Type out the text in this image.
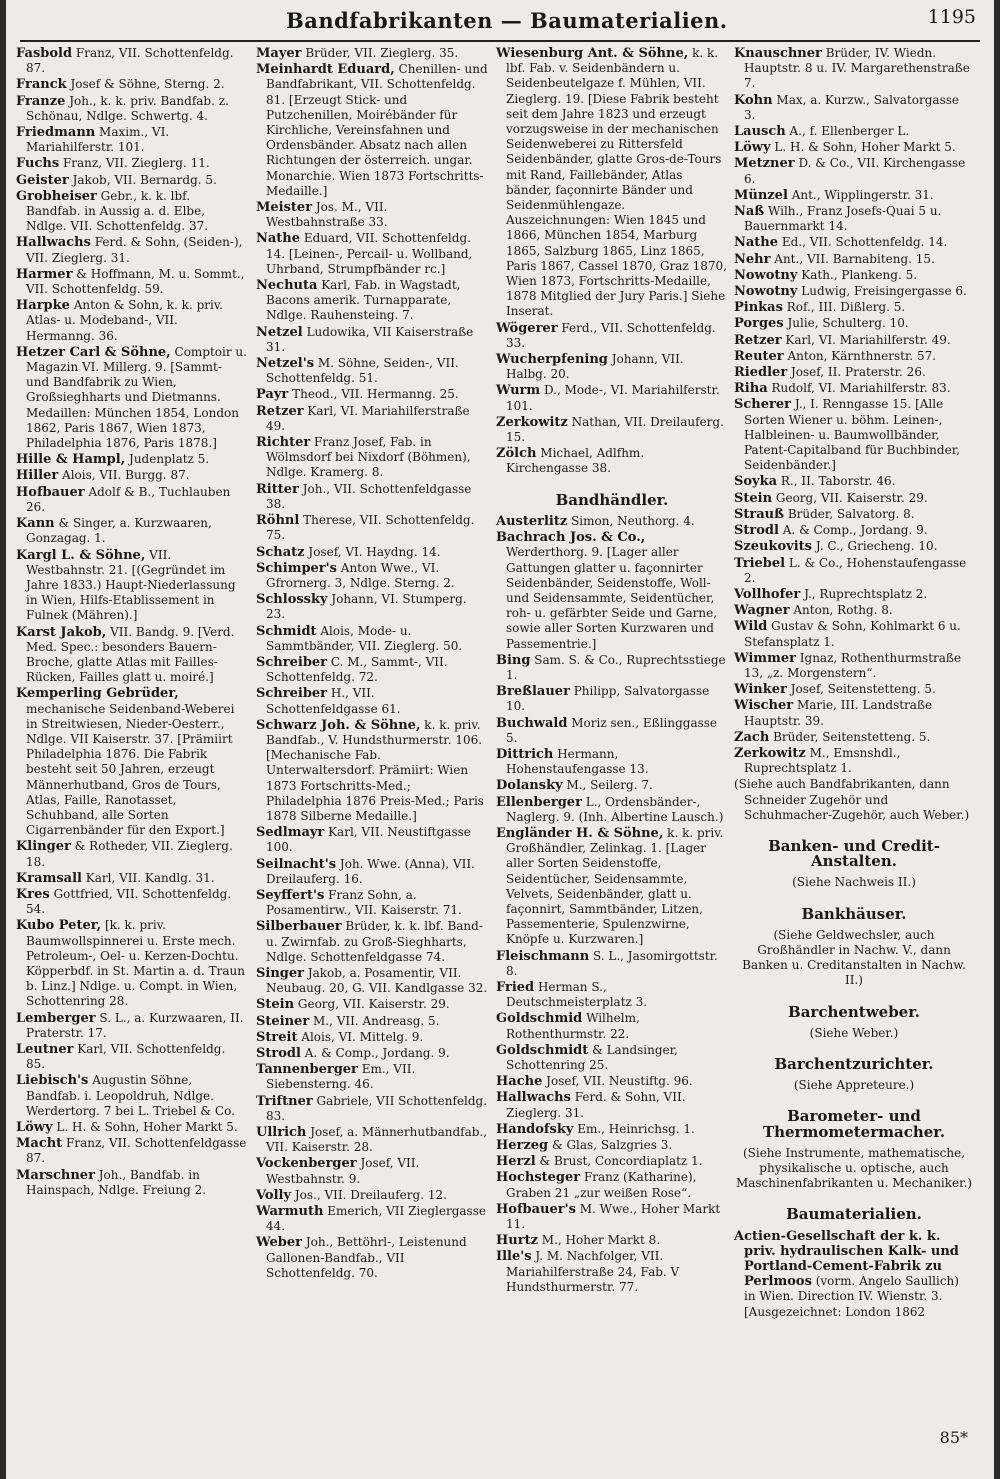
Bandfabrikanten — Baumaterialien.	1195
Fasbold Franz, VII. Schottenfeldg. 87.
Franck Josef & Söhne, Sterng. 2.
Franze Joh., k. k. priv. Bandfab. z. Schönau, Ndlge. Schwertg. 4.
Friedmann Maxim., VI. Mariahilferstr. 101.
Fuchs Franz, VII. Zieglerg. 11.
Geister Jakob, VII. Bernardg. 5.
Grobheiser Gebr., k. k. lbf. Bandfab. in Aussig a. d. Elbe, Ndlge. VII. Schottenfeldg. 37.
Hallwachs Ferd. & Sohn, (Seiden-), VII. Zieglerg. 31.
Harmer & Hoffmann, M. u. Sommt., VII. Schottenfeldg. 59.
Harpke Anton & Sohn, k. k. priv. Atlas- u. Modeband-, VII. Hermanng. 36.
Hetzer Carl & Söhne, Comptoir u. Magazin VI. Millerg. 9. [Sammt- und Bandfabrik zu Wien, Großsieghharts und Dietmanns. Medaillen: München 1854, London 1862, Paris 1867, Wien 1873, Philadelphia 1876, Paris 1878.]
Hille & Hampl, Judenplatz 5.
Hiller Alois, VII. Burgg. 87.
Hofbauer Adolf & B., Tuchlauben 26.
Kann & Singer, a. Kurzwaaren, Gonzagag. 1.
Kargl L. & Söhne, VII. Westbahnstr. 21. [(Gegründet im Jahre 1833.) Haupt-Niederlassung in Wien, Hilfs-Etablissement in Fulnek (Mähren).]
Karst Jakob, VII. Bandg. 9. [Verd. Med. Spec.: besonders Bauern-Broche, glatte Atlas mit Failles-Rücken, Failles glatt u. moiré.]
Kemperling Gebrüder, mechanische Seidenband-Weberei in Streitwiesen, Nieder-Oesterr., Ndlge. VII Kaiserstr. 37. [Prämiirt Philadelphia 1876. Die Fabrik besteht seit 50 Jahren, erzeugt Männerhutband, Gros de Tours, Atlas, Faille, Ranotasset, Schuhband, alle Sorten Cigarrenbänder für den Export.]
Klinger & Rotheder, VII. Zieglerg. 18.
Kramsall Karl, VII. Kandlg. 31.
Kres Gottfried, VII. Schottenfeldg. 54.
Kubo Peter, [k. k. priv. Baumwollspinnerei u. Erste mech. Petroleum-, Oel- u. Kerzen-Dochtu. Köpperbdf. in St. Martin a. d. Traun b. Linz.] Ndlge. u. Compt. in Wien, Schottenring 28.
Lemberger S. L., a. Kurzwaaren, II. Praterstr. 17.
Leutner Karl, VII. Schottenfeldg. 85.
Liebisch's Augustin Söhne, Bandfab. i. Leopoldruh, Ndlge. Werdertorg. 7 bei L. Triebel & Co.
Löwy L. H. & Sohn, Hoher Markt 5.
Macht Franz, VII. Schottenfeldgasse 87.
Marschner Joh., Bandfab. in Hainspach, Ndlge. Freiung 2.
Mayer Brüder, VII. Zieglerg. 35.
Meinhardt Eduard, Chenillen- und Bandfabrikant, VII. Schottenfeldg. 81. [Erzeugt Stick- und Putzchenillen, Moirébänder für Kirchliche, Vereinsfahnen und Ordensbänder. Absatz nach allen Richtungen der österreich. ungar. Monarchie. Wien 1873 Fortschritts-Medaille.]
Meister Jos. M., VII. Westbahnstraße 33.
Nathe Eduard, VII. Schottenfeldg. 14. [Leinen-, Percail- u. Wollband, Uhrband, Strumpfbänder rc.]
Nechuta Karl, Fab. in Wagstadt, Bacons amerik. Turnapparate, Ndlge. Rauhensteing. 7.
Netzel Ludowika, VII Kaiserstraße 31.
Netzel's M. Söhne, Seiden-, VII. Schottenfeldg. 51.
Payr Theod., VII. Hermanng. 25.
Retzer Karl, VI. Mariahilferstraße 49.
Richter Franz Josef, Fab. in Wölmsdorf bei Nixdorf (Böhmen), Ndlge. Kramerg. 8.
Ritter Joh., VII. Schottenfeldgasse 38.
Röhnl Therese, VII. Schottenfeldg. 75.
Schatz Josef, VI. Haydng. 14.
Schimper's Anton Wwe., VI. Gfrornerg. 3, Ndlge. Sterng. 2.
Schlossky Johann, VI. Stumperg. 23.
Schmidt Alois, Mode- u. Sammtbänder, VII. Zieglerg. 50.
Schreiber C. M., Sammt-, VII. Schottenfeldg. 72.
Schreiber H., VII. Schottenfeldgasse 61.
Schwarz Joh. & Söhne, k. k. priv. Bandfab., V. Hundsthurmerstr. 106. [Mechanische Fab. Unterwaltersdorf. Prämiirt: Wien 1873 Fortschritts-Med.; Philadelphia 1876 Preis-Med.; Paris 1878 Silberne Medaille.]
Sedlmayr Karl, VII. Neustiftgasse 100.
Seilnacht's Joh. Wwe. (Anna), VII. Dreilauferg. 16.
Seyffert's Franz Sohn, a. Posamentirw., VII. Kaiserstr. 71.
Silberbauer Brüder, k. k. lbf. Band- u. Zwirnfab. zu Groß-Sieghharts, Ndlge. Schottenfeldgasse 74.
Singer Jakob, a. Posamentir, VII. Neubaug. 20, G. VII. Kandlgasse 32.
Stein Georg, VII. Kaiserstr. 29.
Steiner M., VII. Andreasg. 5.
Streit Alois, VI. Mittelg. 9.
Strodl A. & Comp., Jordang. 9.
Tannenberger Em., VII. Siebensterng. 46.
Triftner Gabriele, VII Schottenfeldg. 83.
Ullrich Josef, a. Männerhutbandfab., VII. Kaiserstr. 28.
Vockenberger Josef, VII. Westbahnstr. 9.
Volly Jos., VII. Dreilauferg. 12.
Warmuth Emerich, VII Zieglergasse 44.
Weber Joh., Bettöhrl-, Leistenund Gallonen-Bandfab., VII Schottenfeldg. 70.
Wiesenburg Ant. & Söhne, k. k. lbf. Fab. v. Seidenbändern u. Seidenbeutelgaze f. Mühlen, VII. Zieglerg. 19. [Diese Fabrik besteht seit dem Jahre 1823 und erzeugt vorzugsweise in der mechanischen Seidenweberei zu Rittersfeld Seidenbänder, glatte Gros-de-Tours mit Rand, Faillebänder, Atlas bänder, façonnirte Bänder und Seidenmühlengaze. Auszeichnungen: Wien 1845 und 1866, München 1854, Marburg 1865, Salzburg 1865, Linz 1865, Paris 1867, Cassel 1870, Graz 1870, Wien 1873, Fortschritts-Medaille, 1878 Mitglied der Jury Paris.] Siehe Inserat.
Wögerer Ferd., VII. Schottenfeldg. 33.
Wucherpfening Johann, VII. Halbg. 20.
Wurm D., Mode-, VI. Mariahilferstr. 101.
Zerkowitz Nathan, VII. Dreilauferg. 15.
Zölch Michael, Adlfhm. Kirchengasse 38.
Bandhändler.
Austerlitz Simon, Neuthorg. 4.
Bachrach Jos. & Co., Werderthorg. 9. [Lager aller Gattungen glatter u. façonnirter Seidenbänder, Seidenstoffe, Woll- und Seidensammte, Seidentücher, roh- u. gefärbter Seide und Garne, sowie aller Sorten Kurzwaren und Passementrie.]
Bing Sam. S. & Co., Ruprechtsstiege 1.
Breßlauer Philipp, Salvatorgasse 10.
Buchwald Moriz sen., Eßlinggasse 5.
Dittrich Hermann, Hohenstaufengasse 13.
Dolansky M., Seilerg. 7.
Ellenberger L., Ordensbänder-, Naglerg. 9. (Inh. Albertine Lausch.)
Engländer H. & Söhne, k. k. priv. Großhändler, Zelinkag. 1. [Lager aller Sorten Seidenstoffe, Seidentücher, Seidensammte, Velvets, Seidenbänder, glatt u. façonnirt, Sammtbänder, Litzen, Passementerie, Spulenzwirne, Knöpfe u. Kurzwaren.]
Fleischmann S. L., Jasomirgottstr. 8.
Fried Herman S., Deutschmeisterplatz 3.
Goldschmid Wilhelm, Rothenthurmstr. 22.
Goldschmidt & Landsinger, Schottenring 25.
Hache Josef, VII. Neustiftg. 96.
Hallwachs Ferd. & Sohn, VII. Zieglerg. 31.
Handofsky Em., Heinrichsg. 1.
Herzeg & Glas, Salzgries 3.
Herzl & Brust, Concordiaplatz 1.
Hochsteger Franz (Katharine), Graben 21 „zur weißen Rose“.
Hofbauer's M. Wwe., Hoher Markt 11.
Hurtz M., Hoher Markt 8.
Ille's J. M. Nachfolger, VII. Mariahilferstraße 24, Fab. V Hundsthurmerstr. 77.
Knauschner Brüder, IV. Wiedn. Hauptstr. 8 u. IV. Margarethenstraße 7.
Kohn Max, a. Kurzw., Salvatorgasse 3.
Lausch A., f. Ellenberger L.
Löwy L. H. & Sohn, Hoher Markt 5.
Metzner D. & Co., VII. Kirchengasse 6.
Münzel Ant., Wipplingerstr. 31.
Naß Wilh., Franz Josefs-Quai 5 u. Bauernmarkt 14.
Nathe Ed., VII. Schottenfeldg. 14.
Nehr Ant., VII. Barnabiteng. 15.
Nowotny Kath., Plankeng. 5.
Nowotny Ludwig, Freisingergasse 6.
Pinkas Rof., III. Dißlerg. 5.
Porges Julie, Schulterg. 10.
Retzer Karl, VI. Mariahilferstr. 49.
Reuter Anton, Kärnthnerstr. 57.
Riedler Josef, II. Praterstr. 26.
Riha Rudolf, VI. Mariahilferstr. 83.
Scherer J., I. Renngasse 15. [Alle Sorten Wiener u. böhm. Leinen-, Halbleinen- u. Baumwollbänder, Patent-Capitalband für Buchbinder, Seidenbänder.]
Soyka R., II. Taborstr. 46.
Stein Georg, VII. Kaiserstr. 29.
Strauß Brüder, Salvatorg. 8.
Strodl A. & Comp., Jordang. 9.
Szeukovits J. C., Griecheng. 10.
Triebel L. & Co., Hohenstaufengasse 2.
Vollhofer J., Ruprechtsplatz 2.
Wagner Anton, Rothg. 8.
Wild Gustav & Sohn, Kohlmarkt 6 u. Stefansplatz 1.
Wimmer Ignaz, Rothenthurmstraße 13, „z. Morgenstern“.
Winker Josef, Seitenstetteng. 5.
Wischer Marie, III. Landstraße Hauptstr. 39.
Zach Brüder, Seitenstetteng. 5.
Zerkowitz M., Emsnshdl., Ruprechtsplatz 1.
(Siehe auch Bandfabrikanten, dann Schneider Zugehör und Schuhmacher-Zugehör, auch Weber.)
Banken- und Credit-Anstalten.
(Siehe Nachweis II.)
Bankhäuser.
(Siehe Geldwechsler, auch Großhändler in Nachw. V., dann Banken u. Creditanstalten in Nachw. II.)
Barchentweber.
(Siehe Weber.)
Barchentzurichter.
(Siehe Appreteure.)
Barometer- und Thermometermacher.
(Siehe Instrumente, mathematische, physikalische u. optische, auch Maschinenfabrikanten u. Mechaniker.)
Baumaterialien.
Actien-Gesellschaft der k. k. priv. hydraulischen Kalk- und Portland-Cement-Fabrik zu Perlmoos (vorm. Angelo Saullich) in Wien. Direction IV. Wienstr. 3. [Ausgezeichnet: London 1862
85*
